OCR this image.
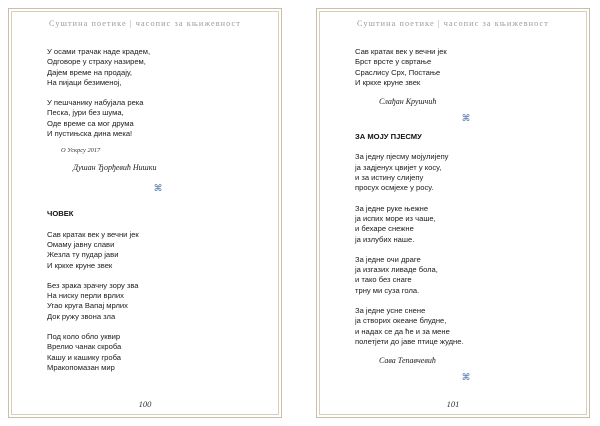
Суштина поетике | часопис за књижевност
У осами трачак наде крадем,
Одговоре у страху назирем,
Дајем време на продају,
На пијаци безименој,
У пешчанику набујала река
Песка, јури без шума,
Оде време са мог друма
И пустињска дина мека!
О Ускрсу 2017
Душан Ђорђевић Нишки
⌘
ЧОВЕК
Сав кратак век у вечни јек
Омаму јавну слави
Жезла ту пудар јави
И кркхе круне звек
Без зрака зрачну зору зва
На ниску перли врлих
Угао круга Вапај мрлих
Док ружу звона зла
Под коло обло уквир
Врелио чанак скроба
Кашу и кашику гроба
Мракопомазан мир
100
Суштина поетике | часопис за књижевност
Сав кратак век у вечни јек
Брст врсте у свртање
Сраслису Срх, Постање
И кркхе круне звек
Слађан Крушчић
⌘
ЗА МОЈУ ПЈЕСМУ
За једну пјесму мојулијепу
ја задјенух цвијет у косу,
и за истину слијепу
просух осмјехе у росу.
За једне руке њежне
ја испих море из чаше,
и бехаре снежне
ја излубих наше.
За једне очи драге
ја изгазих ливаде бола,
и тако без снаге
трну ми суза гола.
За једне усне снене
ја створих океане блудне,
и надах се да ће и за мене
полетјети до јаве птице жудне.
Сава Тепавчевић
⌘
101
